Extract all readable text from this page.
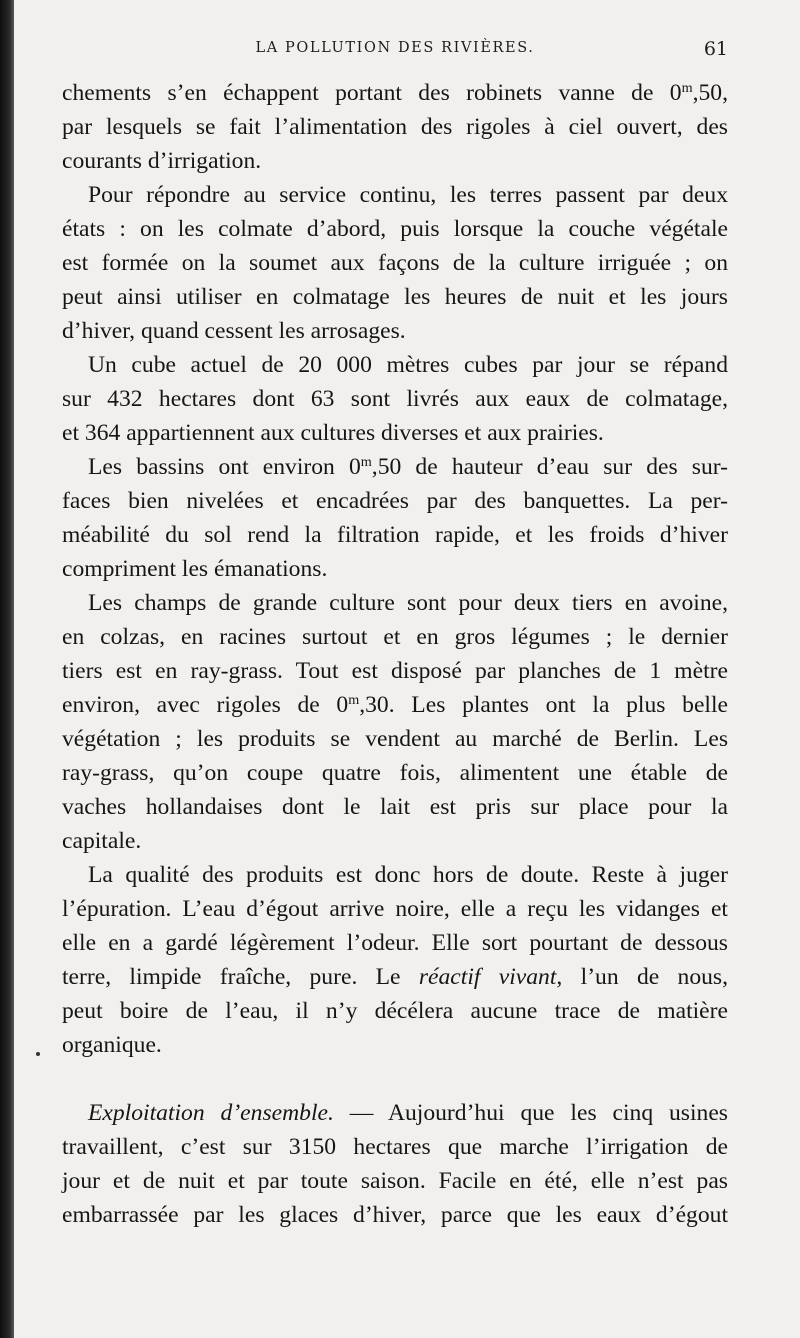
LA POLLUTION DES RIVIÈRES.	61
chements s’en échappent portant des robinets vanne de 0$^m$,50,
par lesquels se fait l’alimentation des rigoles à ciel ouvert, des
courants d’irrigation.
Pour répondre au service continu, les terres passent par deux
états : on les colmate d’abord, puis lorsque la couche végétale
est formée on la soumet aux façons de la culture irriguée ; on
peut ainsi utiliser en colmatage les heures de nuit et les jours
d’hiver, quand cessent les arrosages.
Un cube actuel de 20 000 mètres cubes par jour se répand
sur 432 hectares dont 63 sont livrés aux eaux de colmatage,
et 364 appartiennent aux cultures diverses et aux prairies.
Les bassins ont environ 0$^m$,50 de hauteur d’eau sur des sur-
faces bien nivelées et encadrées par des banquettes. La per-
méabilité du sol rend la filtration rapide, et les froids d’hiver
compriment les émanations.
Les champs de grande culture sont pour deux tiers en avoine,
en colzas, en racines surtout et en gros légumes ; le dernier
tiers est en ray-grass. Tout est disposé par planches de 1 mètre
environ, avec rigoles de 0$^m$,30. Les plantes ont la plus belle
végétation ; les produits se vendent au marché de Berlin. Les
ray-grass, qu’on coupe quatre fois, alimentent une étable de
vaches hollandaises dont le lait est pris sur place pour la
capitale.
La qualité des produits est donc hors de doute. Reste à juger
l’épuration. L’eau d’égout arrive noire, elle a reçu les vidanges et
elle en a gardé légèrement l’odeur. Elle sort pourtant de dessous
terre, limpide fraîche, pure. Le réactif vivant, l’un de nous,
peut boire de l’eau, il n’y décélera aucune trace de matière
organique.
Exploitation d’ensemble. — Aujourd’hui que les cinq usines
travaillent, c’est sur 3150 hectares que marche l’irrigation de
jour et de nuit et par toute saison. Facile en été, elle n’est pas
embarrassée par les glaces d’hiver, parce que les eaux d’égout
